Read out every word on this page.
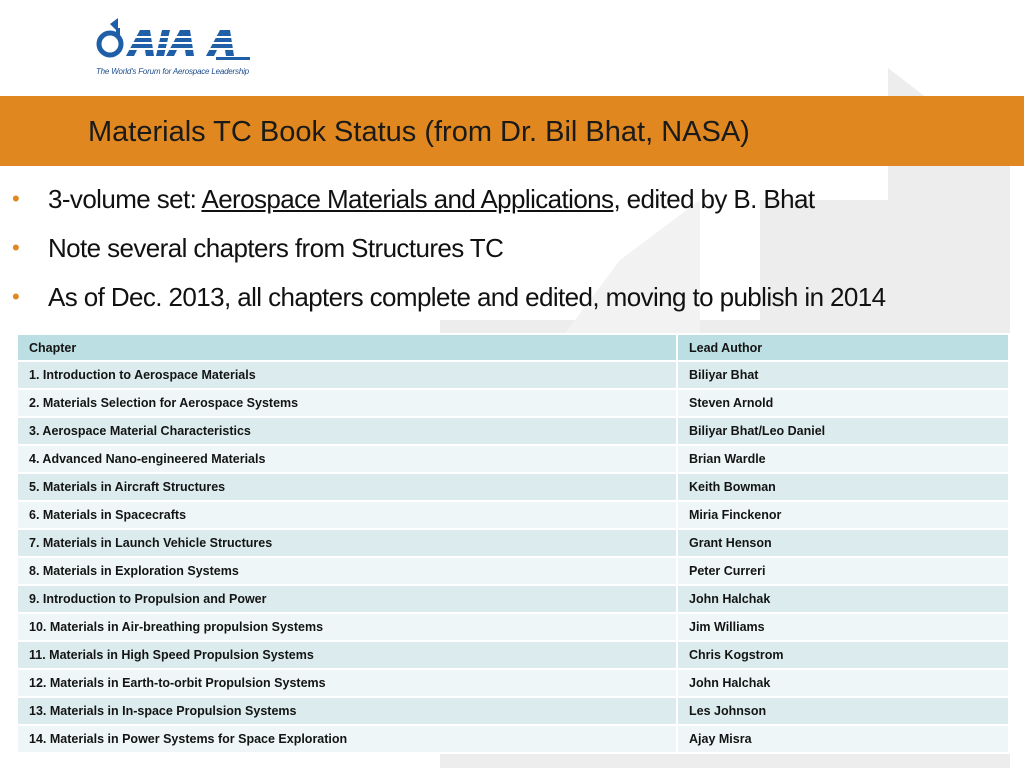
The World's Forum for Aerospace Leadership
Materials TC Book Status (from Dr. Bil Bhat, NASA)
• 3-volume set: Aerospace Materials and Applications, edited by B. Bhat
• Note several chapters from Structures TC
• As of Dec. 2013, all chapters complete and edited, moving to publish in 2014
Chapter	Lead Author
1. Introduction to Aerospace Materials	Biliyar Bhat
2. Materials Selection for Aerospace Systems	Steven Arnold
3. Aerospace Material Characteristics	Biliyar Bhat/Leo Daniel
4. Advanced Nano-engineered Materials	Brian Wardle
5. Materials in Aircraft Structures	Keith Bowman
6. Materials in Spacecrafts	Miria Finckenor
7. Materials in Launch Vehicle Structures	Grant Henson
8. Materials in Exploration Systems	Peter Curreri
9. Introduction to Propulsion and Power	John Halchak
10. Materials in Air-breathing propulsion Systems	Jim Williams
11. Materials in High Speed Propulsion Systems	Chris Kogstrom
12. Materials in Earth-to-orbit Propulsion Systems	John Halchak
13. Materials in In-space Propulsion Systems	Les Johnson
14. Materials in Power Systems for Space Exploration	Ajay Misra
